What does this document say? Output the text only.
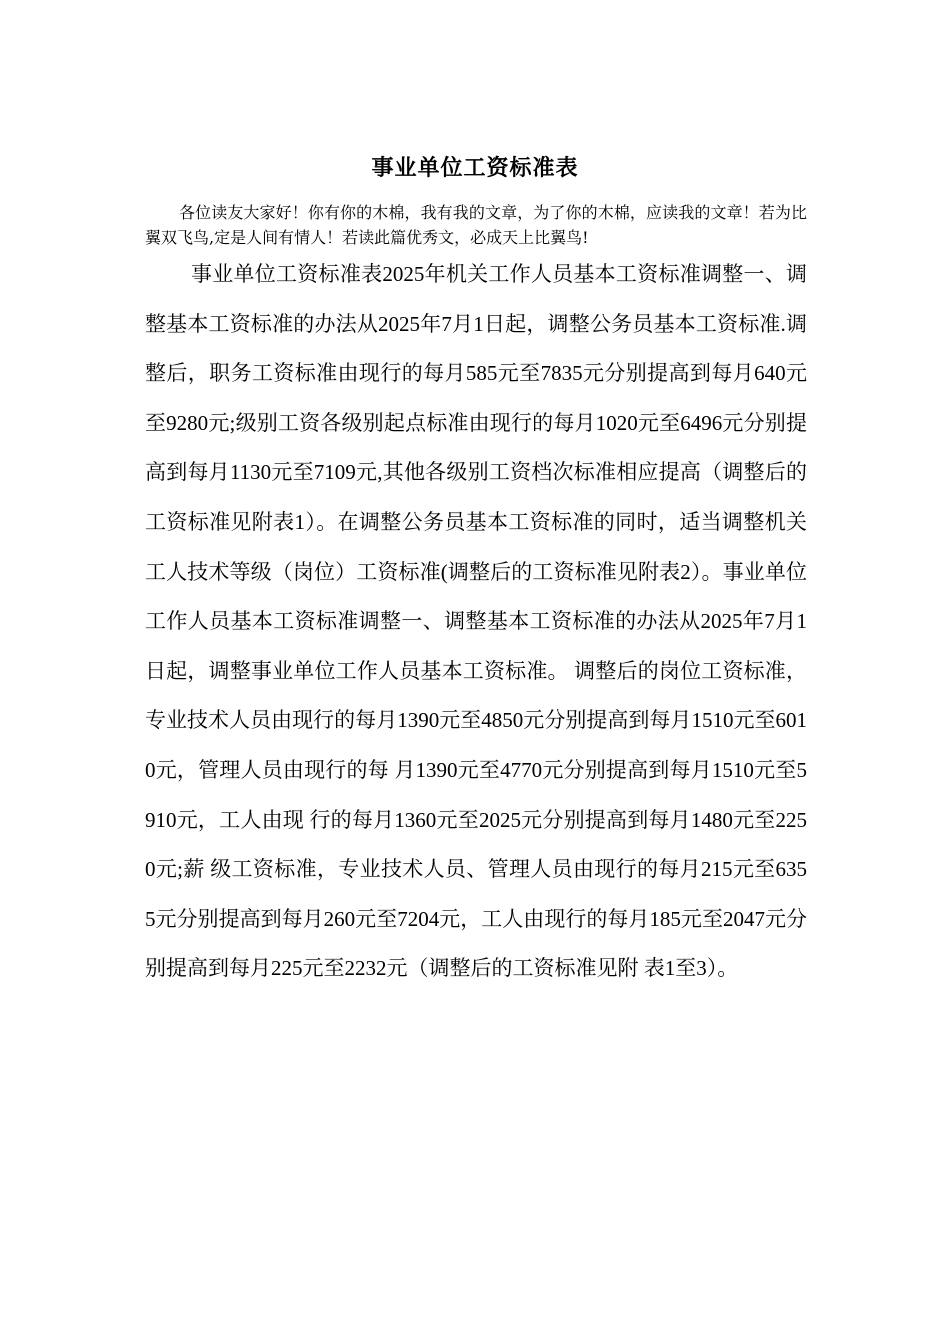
事业单位工资标准表

各位读友大家好！你有你的木棉，我有我的文章，为了你的木棉，应读我的文章！若为比翼双飞鸟,定是人间有情人！若读此篇优秀文，必成天上比翼鸟!

事业单位工资标准表2025年机关工作人员基本工资标准调整一、调整基本工资标准的办法从2025年7月1日起，调整公务员基本工资标准.调整后，职务工资标准由现行的每月585元至7835元分别提高到每月640元至9280元;级别工资各级别起点标准由现行的每月1020元至6496元分别提高到每月1130元至7109元,其他各级别工资档次标准相应提高（调整后的工资标准见附表1）。在调整公务员基本工资标准的同时，适当调整机关工人技术等级（岗位）工资标准(调整后的工资标准见附表2）。事业单位工作人员基本工资标准调整一、调整基本工资标准的办法从2025年7月1日起，调整事业单位工作人员基本工资标准。 调整后的岗位工资标准，专业技术人员由现行的每月1390元至4850元分别提高到每月1510元至6010元，管理人员由现行的每 月1390元至4770元分别提高到每月1510元至5910元，工人由现 行的每月1360元至2025元分别提高到每月1480元至2250元;薪 级工资标准，专业技术人员、管理人员由现行的每月215元至6355元分别提高到每月260元至7204元，工人由现行的每月185元至2047元分别提高到每月225元至2232元（调整后的工资标准见附 表1至3）。
